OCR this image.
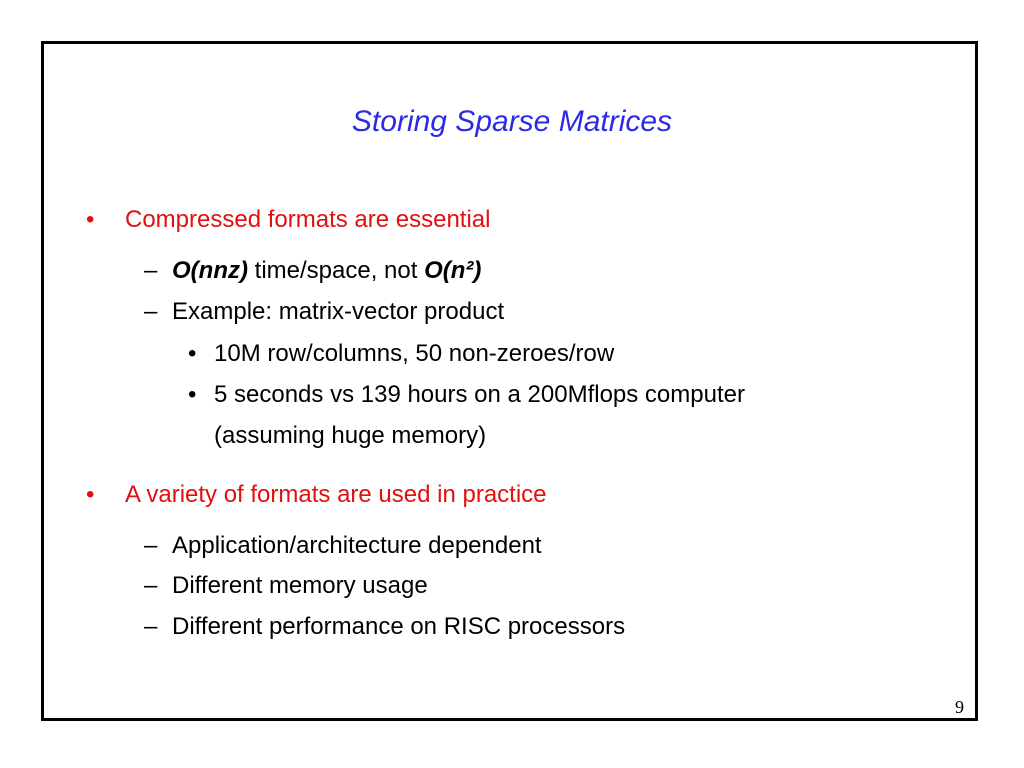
Storing Sparse Matrices
• Compressed formats are essential
– O(nnz) time/space, not O(n²)
– Example: matrix-vector product
• 10M row/columns, 50 non-zeroes/row
• 5 seconds vs 139 hours on a 200Mflops computer
(assuming huge memory)
• A variety of formats are used in practice
– Application/architecture dependent
– Different memory usage
– Different performance on RISC processors
9
